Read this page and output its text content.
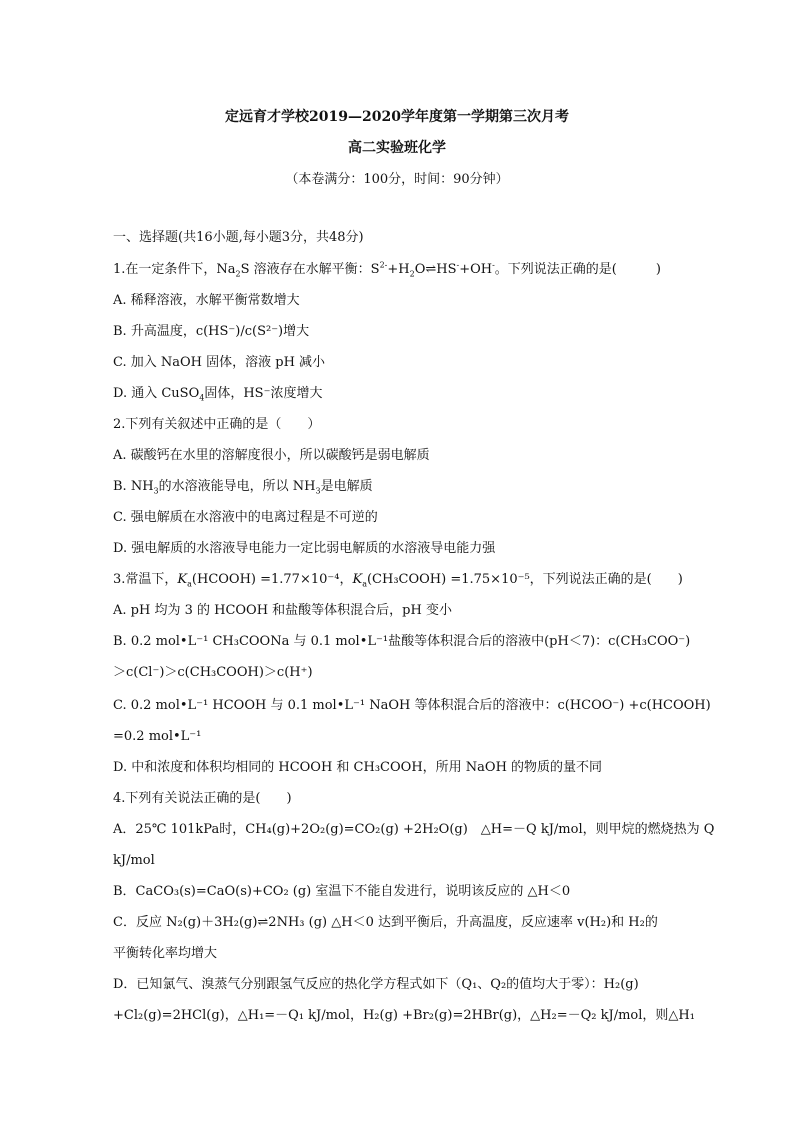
定远育才学校2019—2020学年度第一学期第三次月考
高二实验班化学
（本卷满分：100分，时间：90分钟）
一、选择题(共16小题,每小题3分，共48分)
1.在一定条件下，$Na_2S$ 溶液存在水解平衡：$S^{2-}+H_2O\rightleftharpoons HS^-+OH^-$。下列说法正确的是(　　　)
A. 稀释溶液，水解平衡常数增大
B. 升高温度，c(HS⁻)/c(S²⁻)增大
C. 加入 NaOH 固体，溶液 pH 减小
D. 通入 CuSO$_4$固体，HS⁻浓度增大
2.下列有关叙述中正确的是（　　）
A. 碳酸钙在水里的溶解度很小，所以碳酸钙是弱电解质
B. $NH_3$的水溶液能导电，所以 $NH_3$是电解质
C. 强电解质在水溶液中的电离过程是不可逆的
D. 强电解质的水溶液导电能力一定比弱电解质的水溶液导电能力强
3.常温下，$K_a(HCOOH) =1.77\times 10^{-4}$，$K_a(CH_3COOH) =1.75\times 10^{-5}$，下列说法正确的是(　　)
A. pH 均为 3 的 HCOOH 和盐酸等体积混合后，pH 变小
B. 0.2 mol•L⁻¹ CH₃COONa 与 0.1 mol•L⁻¹盐酸等体积混合后的溶液中(pH＜7)：c(CH₃COO⁻)
＞c(Cl⁻)＞c(CH₃COOH)＞c(H⁺)
C. 0.2 mol•L⁻¹ HCOOH 与 0.1 mol•L⁻¹ NaOH 等体积混合后的溶液中：c(HCOO⁻) +c(HCOOH)
=0.2 mol•L⁻¹
D. 中和浓度和体积均相同的 HCOOH 和 CH₃COOH，所用 NaOH 的物质的量不同
4.下列有关说法正确的是(　　)
A．25℃ 101kPa时，CH₄(g)+2O₂(g)=CO₂(g) +2H₂O(g)　△H=－Q kJ/mol，则甲烷的燃烧热为 Q
kJ/mol
B．CaCO₃(s)=CaO(s)+CO₂ (g) 室温下不能自发进行，说明该反应的 △H＜0
C．反应 N₂(g)＋3H₂(g)⇌2NH₃ (g) △H＜0 达到平衡后，升高温度，反应速率 v(H₂)和 H₂的
平衡转化率均增大
D．已知氯气、溴蒸气分别跟氢气反应的热化学方程式如下（Q₁、Q₂的值均大于零）：H₂(g)
+Cl₂(g)=2HCl(g)，△H₁=－Q₁ kJ/mol，H₂(g) +Br₂(g)=2HBr(g)，△H₂=－Q₂ kJ/mol，则△H₁
